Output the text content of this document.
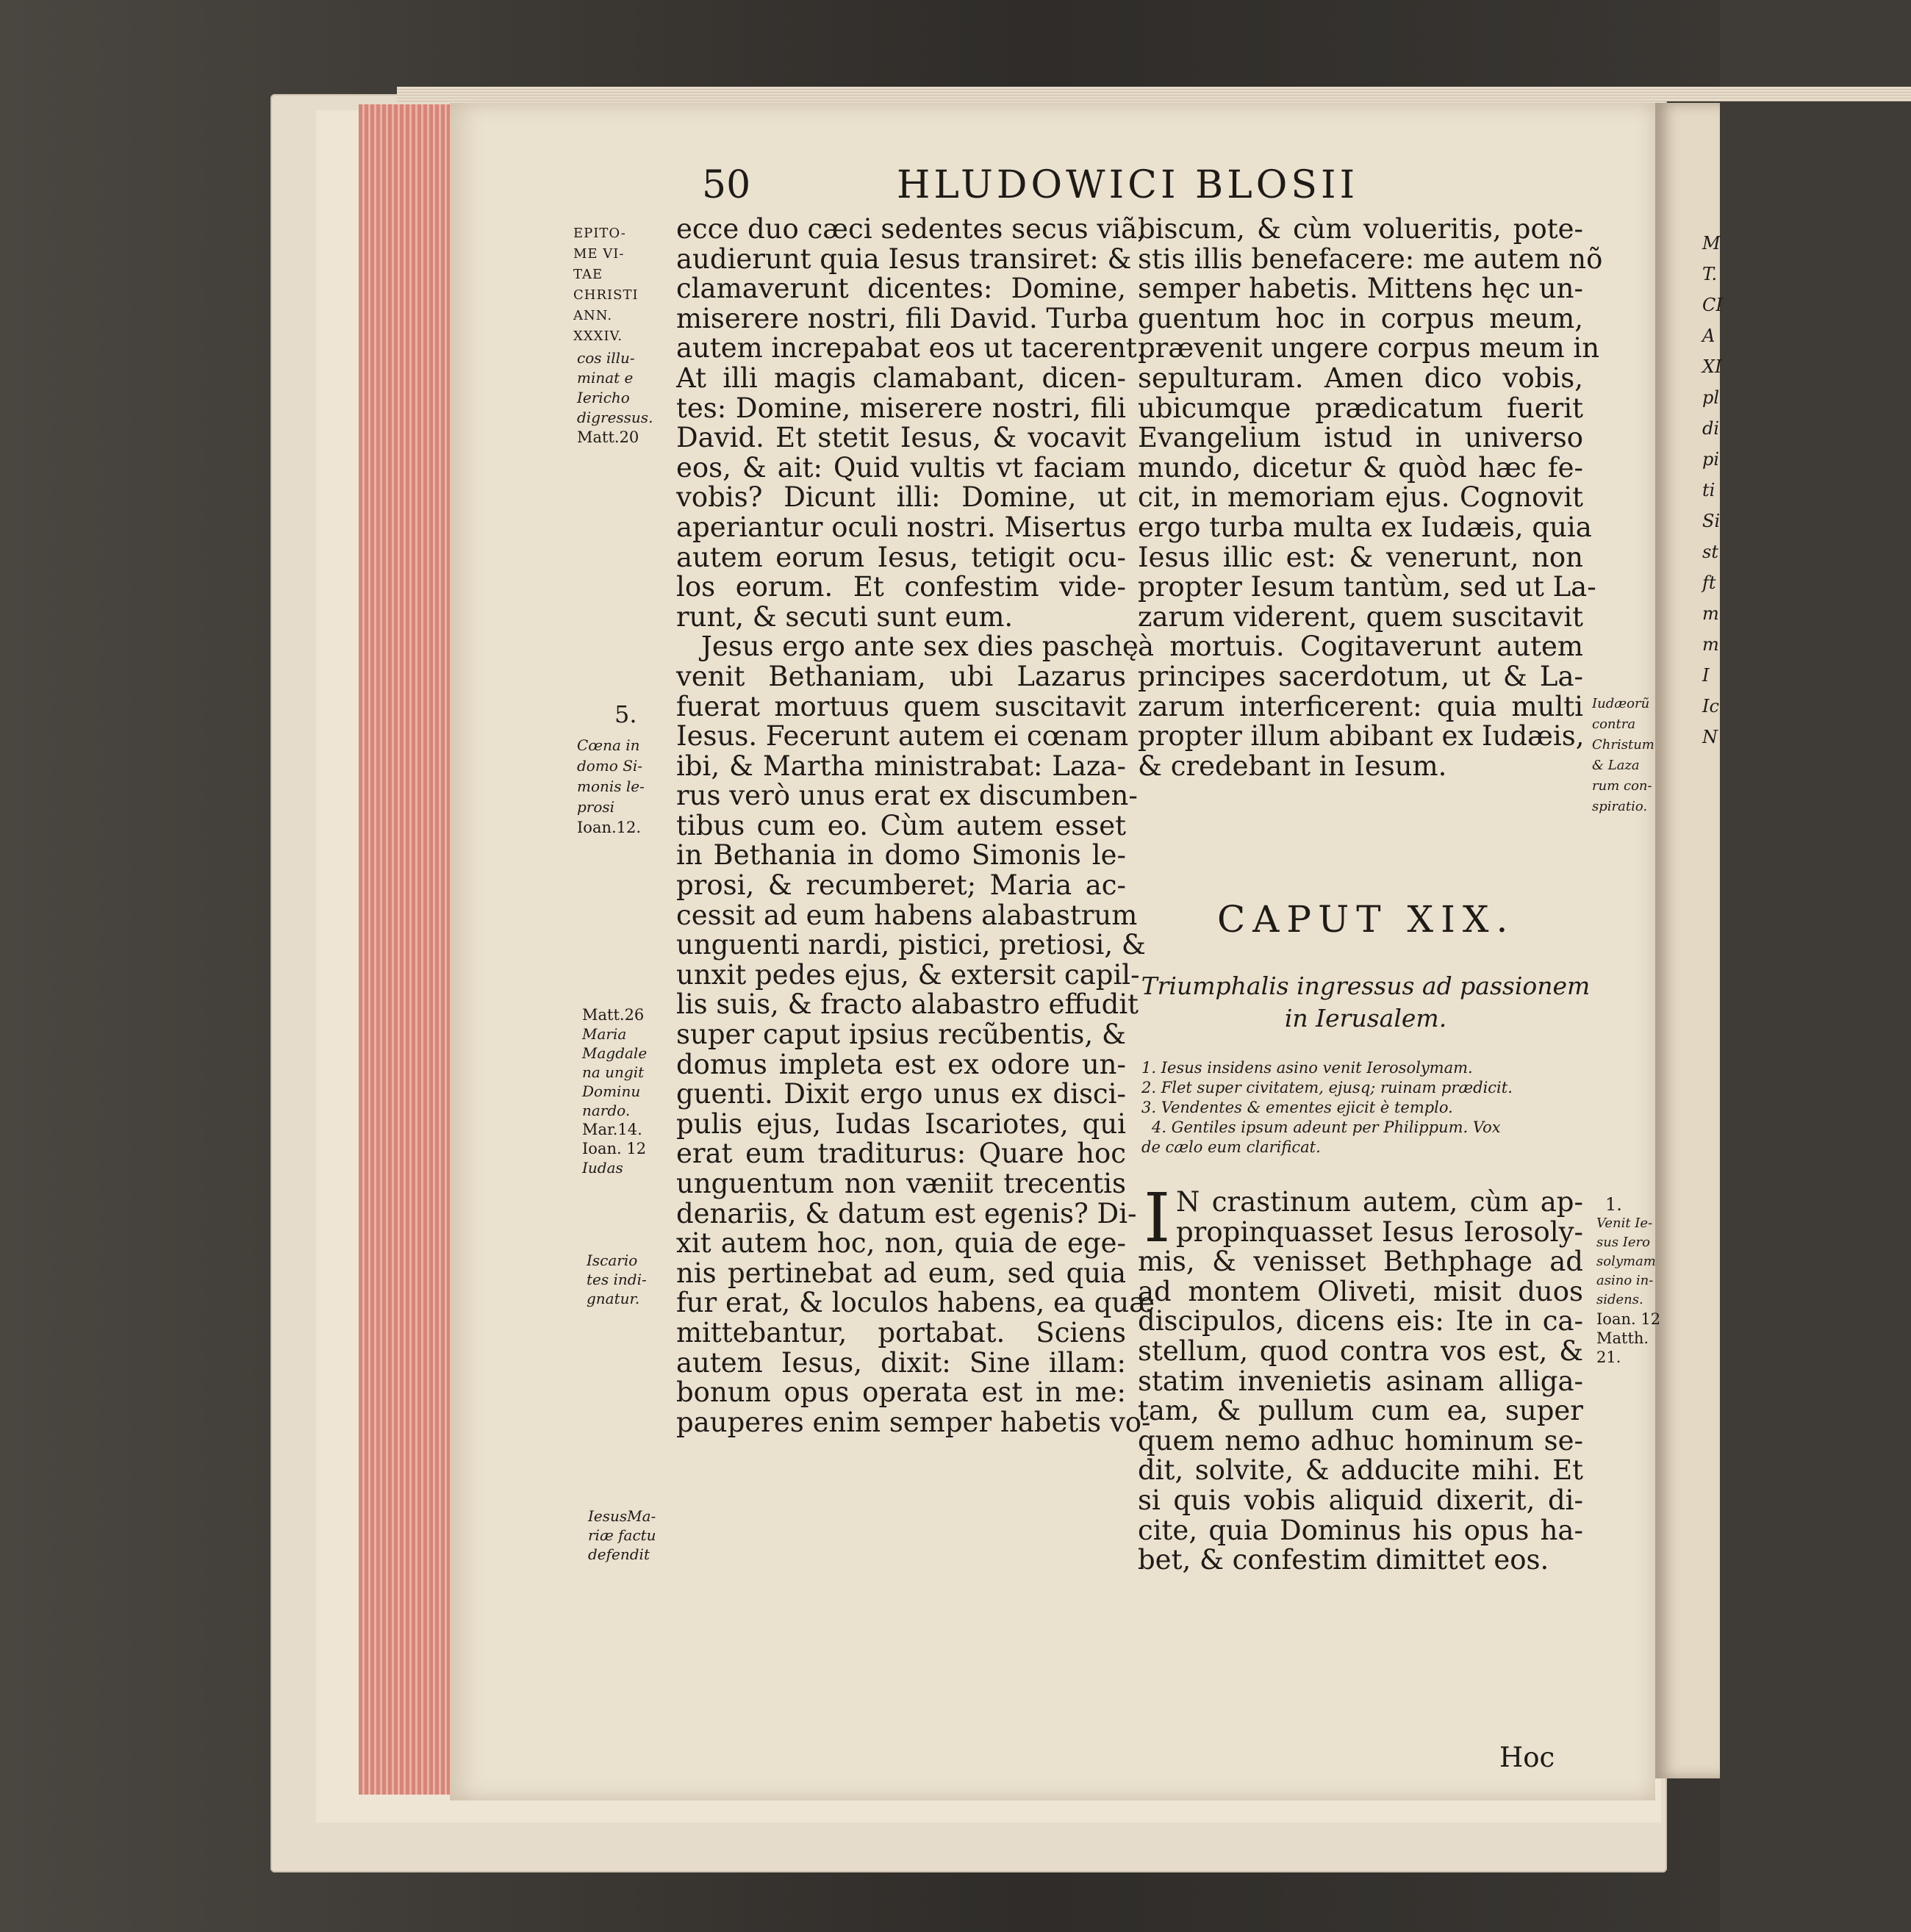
M
T.
CI
A
XI
pl
di
pi
ti
Si
st
ft
m
m
I
Ic
N
50	HLUDOWICI BLOSII
EPITO-
ME VI-
TAE
CHRISTI
ANN.
XXXIV.
cos illu-
minat e
Iericho
digressus.
Matt.20
5.
Cœna in
domo Si-
monis le-
prosi
Ioan.12.
Matt.26
Maria
Magdale
na ungit
Dominu
nardo.
Mar.14.
Ioan. 12
Iudas
Iscario
tes indi-
gnatur.
IesusMa-
riæ factu
defendit
ecce duo cæci sedentes secus viã,
audierunt quia Iesus transiret: &
clamaverunt dicentes: Domine,
miserere nostri, fili David. Turba
autem increpabat eos ut tacerent.
At illi magis clamabant, dicen-
tes: Domine, miserere nostri, fili
David. Et stetit Iesus, & vocavit
eos, & ait: Quid vultis vt faciam
vobis? Dicunt illi: Domine, ut
aperiantur oculi nostri. Misertus
autem eorum Iesus, tetigit ocu-
los eorum. Et confestim vide-
runt, & secuti sunt eum.
Jesus ergo ante sex dies paschę
venit Bethaniam, ubi Lazarus
fuerat mortuus quem suscitavit
Iesus. Fecerunt autem ei cœnam
ibi, & Martha ministrabat: Laza-
rus verò unus erat ex discumben-
tibus cum eo. Cùm autem esset
in Bethania in domo Simonis le-
prosi, & recumberet; Maria ac-
cessit ad eum habens alabastrum
unguenti nardi, pistici, pretiosi, &
unxit pedes ejus, & extersit capil-
lis suis, & fracto alabastro effudit
super caput ipsius recũbentis, &
domus impleta est ex odore un-
guenti. Dixit ergo unus ex disci-
pulis ejus, Iudas Iscariotes, qui
erat eum traditurus: Quare hoc
unguentum non væniit trecentis
denariis, & datum est egenis? Di-
xit autem hoc, non, quia de ege-
nis pertinebat ad eum, sed quia
fur erat, & loculos habens, ea quæ
mittebantur, portabat. Sciens
autem Iesus, dixit: Sine illam:
bonum opus operata est in me:
pauperes enim semper habetis vo-
biscum, & cùm volueritis, pote-
stis illis benefacere: me autem nõ
semper habetis. Mittens hęc un-
guentum hoc in corpus meum,
prævenit ungere corpus meum in
sepulturam. Amen dico vobis,
ubicumque prædicatum fuerit
Evangelium istud in universo
mundo, dicetur & quòd hæc fe-
cit, in memoriam ejus. Cognovit
ergo turba multa ex Iudæis, quia
Iesus illic est: & venerunt, non
propter Iesum tantùm, sed ut La-
zarum viderent, quem suscitavit
à mortuis. Cogitaverunt autem
principes sacerdotum, ut & La-
zarum interficerent: quia multi
propter illum abibant ex Iudæis,
& credebant in Iesum.
Iudæorũ
contra
Christum
& Laza
rum con-
spiratio.
1.
Venit Ie-
sus Iero
solymam
asino in-
sidens.
Ioan. 12
Matth.
21.
CAPUT XIX.
Triumphalis ingressus ad passionem
in Ierusalem.
1. Iesus insidens asino venit Ierosolymam.
2. Flet super civitatem, ejusq; ruinam prædicit.
3. Vendentes & ementes ejicit è templo.
4. Gentiles ipsum adeunt per Philippum. Vox
de cælo eum clarificat.
I N crastinum autem, cùm ap-
propinquasset Iesus Ierosoly-
mis, & venisset Bethphage ad
ad montem Oliveti, misit duos
discipulos, dicens eis: Ite in ca-
stellum, quod contra vos est, &
statim invenietis asinam alliga-
tam, & pullum cum ea, super
quem nemo adhuc hominum se-
dit, solvite, & adducite mihi. Et
si quis vobis aliquid dixerit, di-
cite, quia Dominus his opus ha-
bet, & confestim dimittet eos.
Hoc
